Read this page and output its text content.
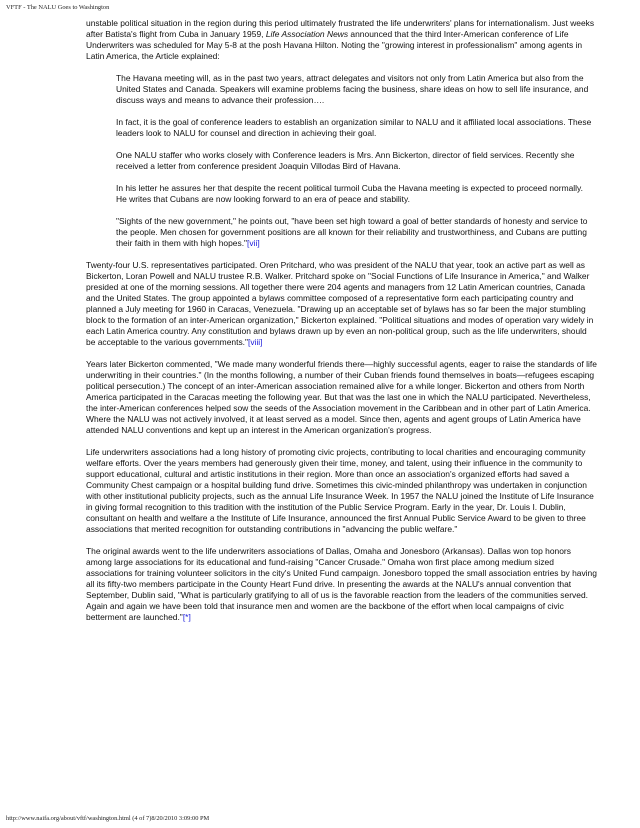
VFTF - The NALU Goes to Washington

unstable political situation in the region during this period ultimately frustrated the life underwriters' plans for internationalism. Just weeks after Batista's flight from Cuba in January 1959, Life Association News announced that the third Inter-American conference of Life Underwriters was scheduled for May 5-8 at the posh Havana Hilton. Noting the "growing interest in professionalism" among agents in Latin America, the Article explained:

The Havana meeting will, as in the past two years, attract delegates and visitors not only from Latin America but also from the United States and Canada. Speakers will examine problems facing the business, share ideas on how to sell life insurance, and discuss ways and means to advance their profession….

In fact, it is the goal of conference leaders to establish an organization similar to NALU and it affiliated local associations. These leaders look to NALU for counsel and direction in achieving their goal.

One NALU staffer who works closely with Conference leaders is Mrs. Ann Bickerton, director of field services. Recently she received a letter from conference president Joaquin Villodas Bird of Havana.

In his letter he assures her that despite the recent political turmoil Cuba the Havana meeting is expected to proceed normally. He writes that Cubans are now looking forward to an era of peace and stability.

"Sights of the new government," he points out, "have been set high toward a goal of better standards of honesty and service to the people. Men chosen for government positions are all known for their reliability and trustworthiness, and Cubans are putting their faith in them with high hopes."[vii]

Twenty-four U.S. representatives participated. Oren Pritchard, who was president of the NALU that year, took an active part as well as Bickerton, Loran Powell and NALU trustee R.B. Walker. Pritchard spoke on "Social Functions of Life Insurance in America," and Walker presided at one of the morning sessions. All together there were 204 agents and managers from 12 Latin American countries, Canada and the United States. The group appointed a bylaws committee composed of a representative form each participating country and planned a July meeting for 1960 in Caracas, Venezuela. "Drawing up an acceptable set of bylaws has so far been the major stumbling block to the formation of an inter-American organization," Bickerton explained. "Political situations and modes of operation vary widely in each Latin America country. Any constitution and bylaws drawn up by even an non-political group, such as the life underwriters, should be acceptable to the various governments."[viii]

Years later Bickerton commented, "We made many wonderful friends there—highly successful agents, eager to raise the standards of life underwriting in their countries." (In the months following, a number of their Cuban friends found themselves in boats—refugees escaping political persecution.) The concept of an inter-American association remained alive for a while longer. Bickerton and others from North America participated in the Caracas meeting the following year. But that was the last one in which the NALU participated. Nevertheless, the inter-American conferences helped sow the seeds of the Association movement in the Caribbean and in other part of Latin America. Where the NALU was not actively involved, it at least served as a model. Since then, agents and agent groups of Latin America have attended NALU conventions and kept up an interest in the American organization's progress.

Life underwriters associations had a long history of promoting civic projects, contributing to local charities and encouraging community welfare efforts. Over the years members had generously given their time, money, and talent, using their influence in the community to support educational, cultural and artistic institutions in their region. More than once an association's organized efforts had saved a Community Chest campaign or a hospital building fund drive. Sometimes this civic-minded philanthropy was undertaken in conjunction with other institutional publicity projects, such as the annual Life Insurance Week. In 1957 the NALU joined the Institute of Life Insurance in giving formal recognition to this tradition with the institution of the Public Service Program. Early in the year, Dr. Louis I. Dublin, consultant on health and welfare a the Institute of Life Insurance, announced the first Annual Public Service Award to be given to three associations that merited recognition for outstanding contributions in "advancing the public welfare."

The original awards went to the life underwriters associations of Dallas, Omaha and Jonesboro (Arkansas). Dallas won top honors among large associations for its educational and fund-raising "Cancer Crusade." Omaha won first place among medium sized associations for training volunteer solicitors in the city's United Fund campaign. Jonesboro topped the small association entries by having all its fifty-two members participate in the County Heart Fund drive. In presenting the awards at the NALU's annual convention that September, Dublin said, "What is particularly gratifying to all of us is the favorable reaction from the leaders of the communities served. Again and again we have been told that insurance men and women are the backbone of the effort when local campaigns of civic betterment are launched."[*]

http://www.naifa.org/about/vftf/washington.html (4 of 7)8/20/2010 3:09:00 PM
